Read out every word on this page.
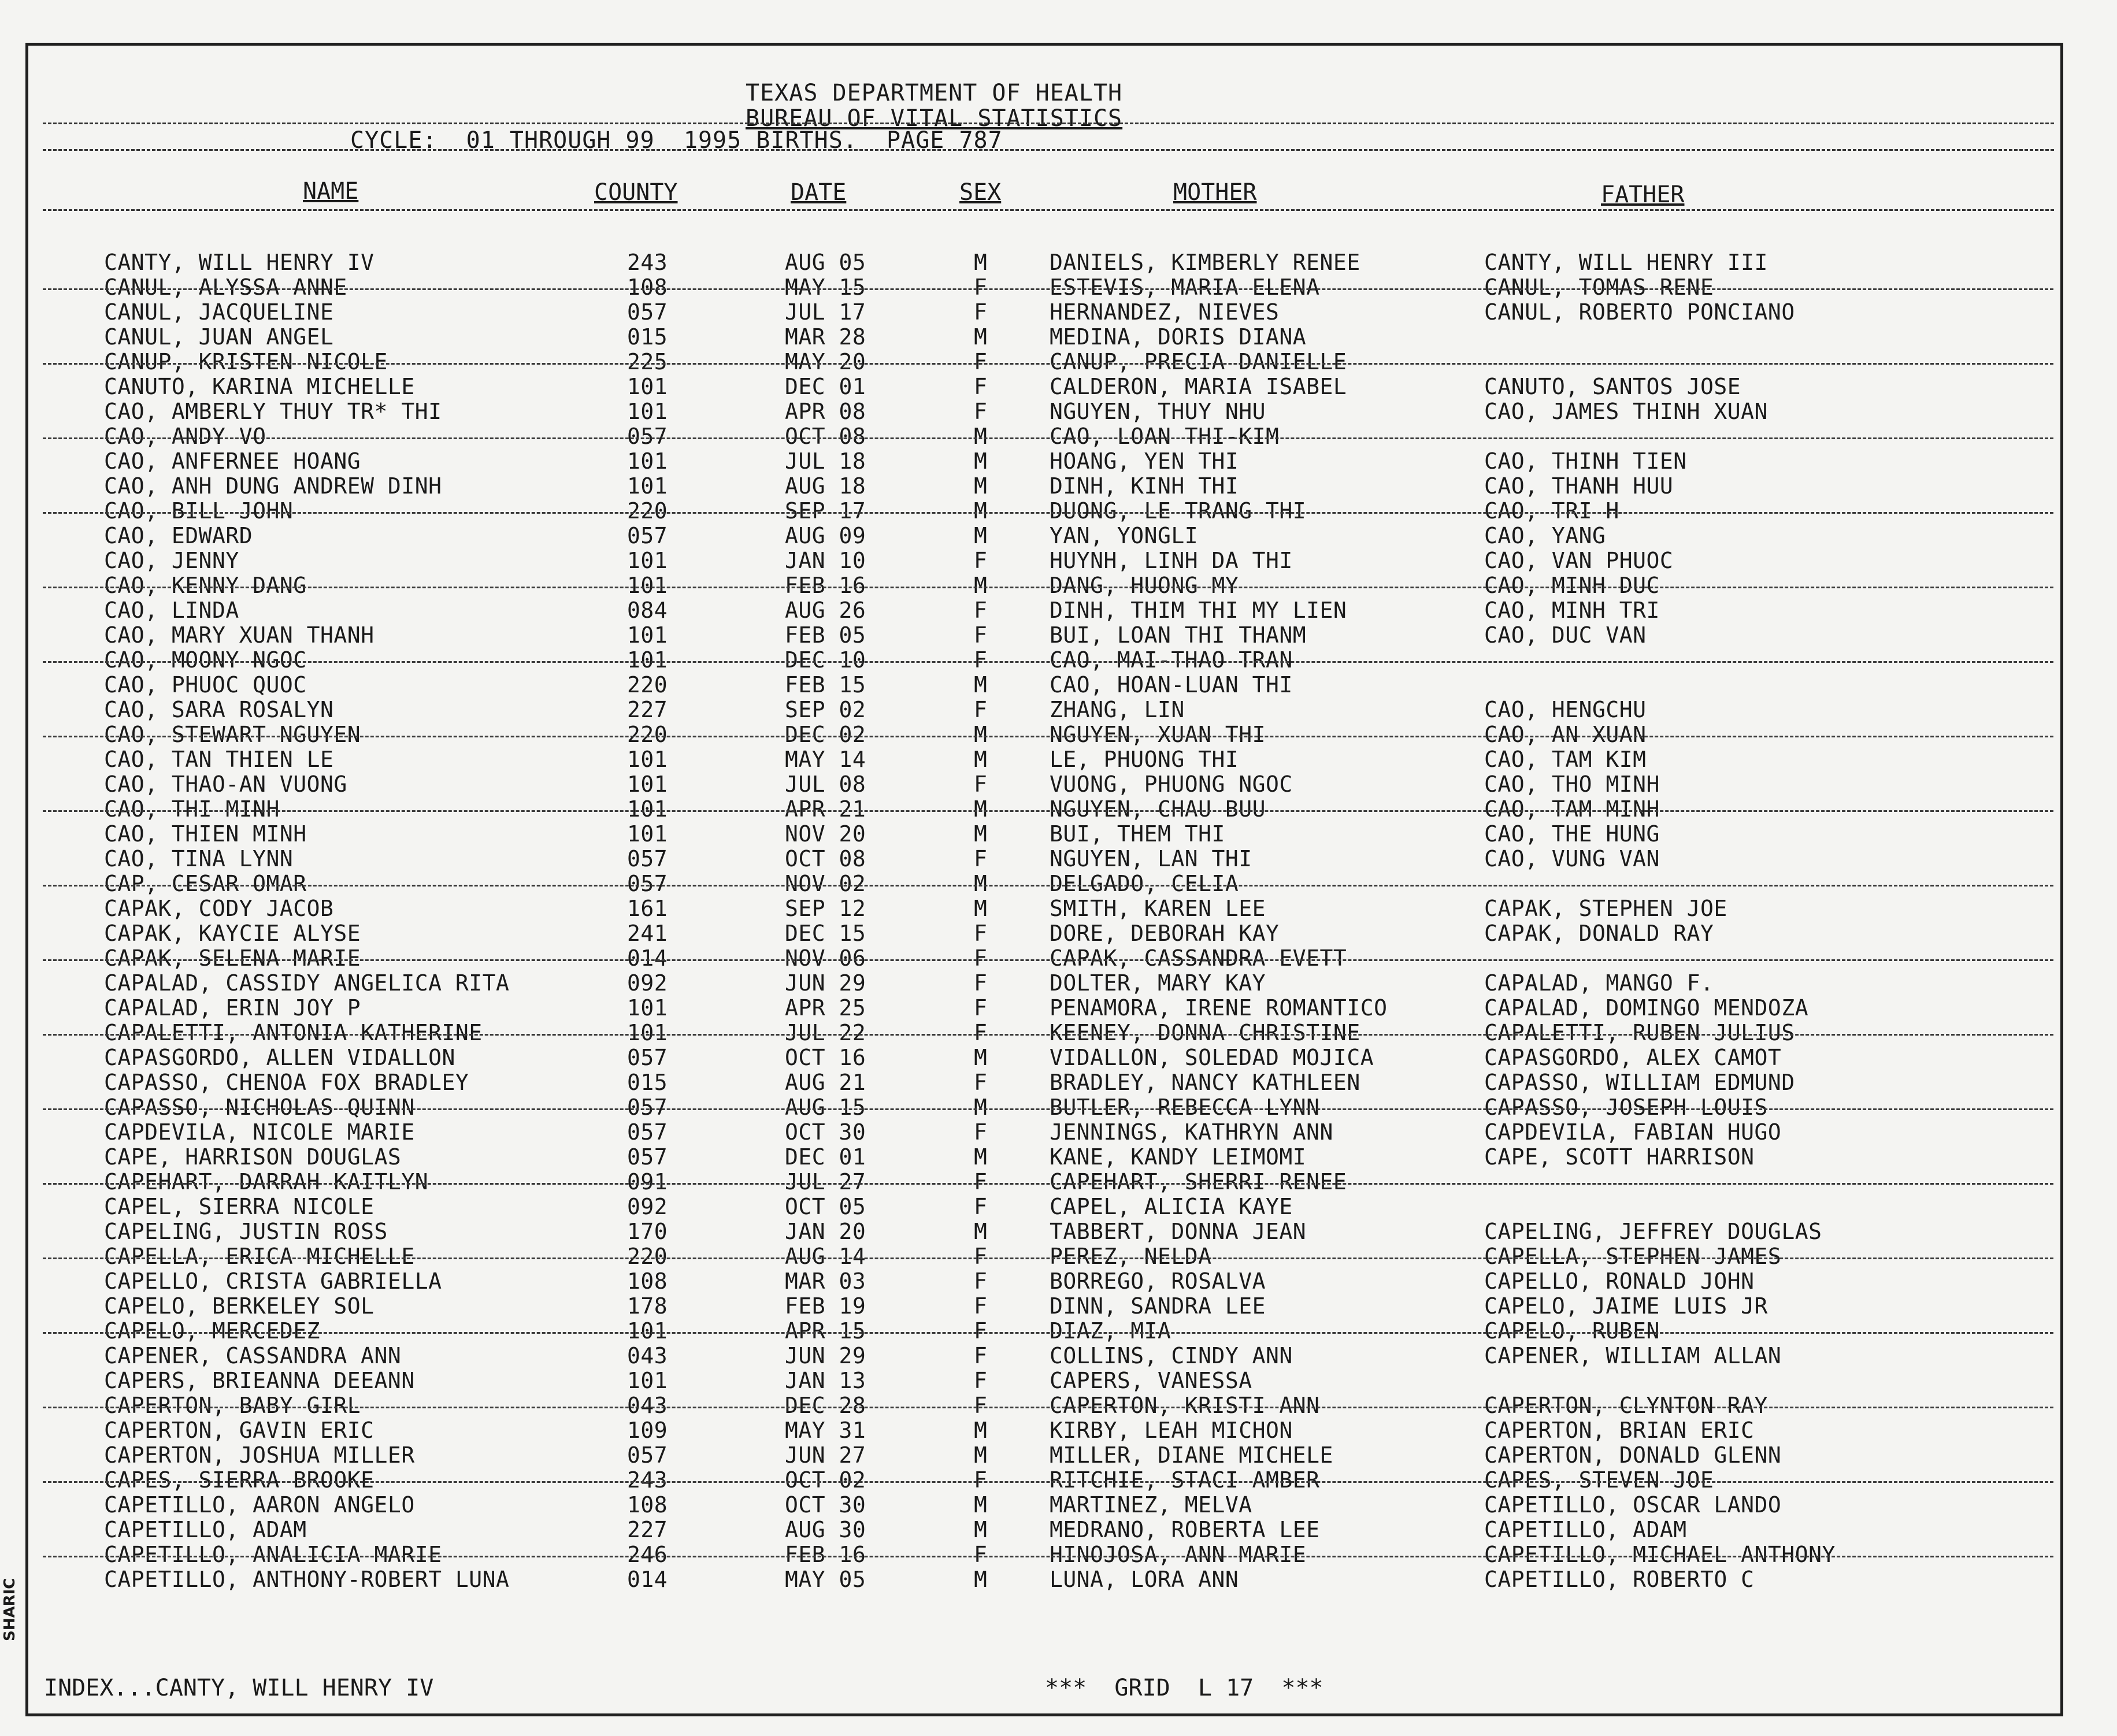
TEXAS DEPARTMENT OF HEALTH
BUREAU OF VITAL STATISTICS
CYCLE:  01 THROUGH 99  1995 BIRTHS.  PAGE 787
NAME	COUNTY	DATE	SEX	MOTHER	FATHER
CANTY, WILL HENRY IV	243	AUG 05	M	DANIELS, KIMBERLY RENEE	CANTY, WILL HENRY III
CANUL, ALYSSA ANNE	108	MAY 15	F	ESTEVIS, MARIA ELENA	CANUL, TOMAS RENE
CANUL, JACQUELINE	057	JUL 17	F	HERNANDEZ, NIEVES	CANUL, ROBERTO PONCIANO
CANUL, JUAN ANGEL	015	MAR 28	M	MEDINA, DORIS DIANA
CANUP, KRISTEN NICOLE	225	MAY 20	F	CANUP, PRECIA DANIELLE
CANUTO, KARINA MICHELLE	101	DEC 01	F	CALDERON, MARIA ISABEL	CANUTO, SANTOS JOSE
CAO, AMBERLY THUY TR* THI	101	APR 08	F	NGUYEN, THUY NHU	CAO, JAMES THINH XUAN
CAO, ANDY VO	057	OCT 08	M	CAO, LOAN THI-KIM
CAO, ANFERNEE HOANG	101	JUL 18	M	HOANG, YEN THI	CAO, THINH TIEN
CAO, ANH DUNG ANDREW DINH	101	AUG 18	M	DINH, KINH THI	CAO, THANH HUU
CAO, BILL JOHN	220	SEP 17	M	DUONG, LE TRANG THI	CAO, TRI H
CAO, EDWARD	057	AUG 09	M	YAN, YONGLI	CAO, YANG
CAO, JENNY	101	JAN 10	F	HUYNH, LINH DA THI	CAO, VAN PHUOC
CAO, KENNY DANG	101	FEB 16	M	DANG, HUONG MY	CAO, MINH DUC
CAO, LINDA	084	AUG 26	F	DINH, THIM THI MY LIEN	CAO, MINH TRI
CAO, MARY XUAN THANH	101	FEB 05	F	BUI, LOAN THI THANM	CAO, DUC VAN
CAO, MOONY NGOC	101	DEC 10	F	CAO, MAI-THAO TRAN
CAO, PHUOC QUOC	220	FEB 15	M	CAO, HOAN-LUAN THI
CAO, SARA ROSALYN	227	SEP 02	F	ZHANG, LIN	CAO, HENGCHU
CAO, STEWART NGUYEN	220	DEC 02	M	NGUYEN, XUAN THI	CAO, AN XUAN
CAO, TAN THIEN LE	101	MAY 14	M	LE, PHUONG THI	CAO, TAM KIM
CAO, THAO-AN VUONG	101	JUL 08	F	VUONG, PHUONG NGOC	CAO, THO MINH
CAO, THI MINH	101	APR 21	M	NGUYEN, CHAU BUU	CAO, TAM MINH
CAO, THIEN MINH	101	NOV 20	M	BUI, THEM THI	CAO, THE HUNG
CAO, TINA LYNN	057	OCT 08	F	NGUYEN, LAN THI	CAO, VUNG VAN
CAP, CESAR OMAR	057	NOV 02	M	DELGADO, CELIA
CAPAK, CODY JACOB	161	SEP 12	M	SMITH, KAREN LEE	CAPAK, STEPHEN JOE
CAPAK, KAYCIE ALYSE	241	DEC 15	F	DORE, DEBORAH KAY	CAPAK, DONALD RAY
CAPAK, SELENA MARIE	014	NOV 06	F	CAPAK, CASSANDRA EVETT
CAPALAD, CASSIDY ANGELICA RITA	092	JUN 29	F	DOLTER, MARY KAY	CAPALAD, MANGO F.
CAPALAD, ERIN JOY P	101	APR 25	F	PENAMORA, IRENE ROMANTICO	CAPALAD, DOMINGO MENDOZA
CAPALETTI, ANTONIA KATHERINE	101	JUL 22	F	KEENEY, DONNA CHRISTINE	CAPALETTI, RUBEN JULIUS
CAPASGORDO, ALLEN VIDALLON	057	OCT 16	M	VIDALLON, SOLEDAD MOJICA	CAPASGORDO, ALEX CAMOT
CAPASSO, CHENOA FOX BRADLEY	015	AUG 21	F	BRADLEY, NANCY KATHLEEN	CAPASSO, WILLIAM EDMUND
CAPASSO, NICHOLAS QUINN	057	AUG 15	M	BUTLER, REBECCA LYNN	CAPASSO, JOSEPH LOUIS
CAPDEVILA, NICOLE MARIE	057	OCT 30	F	JENNINGS, KATHRYN ANN	CAPDEVILA, FABIAN HUGO
CAPE, HARRISON DOUGLAS	057	DEC 01	M	KANE, KANDY LEIMOMI	CAPE, SCOTT HARRISON
CAPEHART, DARRAH KAITLYN	091	JUL 27	F	CAPEHART, SHERRI RENEE
CAPEL, SIERRA NICOLE	092	OCT 05	F	CAPEL, ALICIA KAYE
CAPELING, JUSTIN ROSS	170	JAN 20	M	TABBERT, DONNA JEAN	CAPELING, JEFFREY DOUGLAS
CAPELLA, ERICA MICHELLE	220	AUG 14	F	PEREZ, NELDA	CAPELLA, STEPHEN JAMES
CAPELLO, CRISTA GABRIELLA	108	MAR 03	F	BORREGO, ROSALVA	CAPELLO, RONALD JOHN
CAPELO, BERKELEY SOL	178	FEB 19	F	DINN, SANDRA LEE	CAPELO, JAIME LUIS JR
CAPELO, MERCEDEZ	101	APR 15	F	DIAZ, MIA	CAPELO, RUBEN
CAPENER, CASSANDRA ANN	043	JUN 29	F	COLLINS, CINDY ANN	CAPENER, WILLIAM ALLAN
CAPERS, BRIEANNA DEEANN	101	JAN 13	F	CAPERS, VANESSA
CAPERTON, BABY GIRL	043	DEC 28	F	CAPERTON, KRISTI ANN	CAPERTON, CLYNTON RAY
CAPERTON, GAVIN ERIC	109	MAY 31	M	KIRBY, LEAH MICHON	CAPERTON, BRIAN ERIC
CAPERTON, JOSHUA MILLER	057	JUN 27	M	MILLER, DIANE MICHELE	CAPERTON, DONALD GLENN
CAPES, SIERRA BROOKE	243	OCT 02	F	RITCHIE, STACI AMBER	CAPES, STEVEN JOE
CAPETILLO, AARON ANGELO	108	OCT 30	M	MARTINEZ, MELVA	CAPETILLO, OSCAR LANDO
CAPETILLO, ADAM	227	AUG 30	M	MEDRANO, ROBERTA LEE	CAPETILLO, ADAM
CAPETILLO, ANALICIA MARIE	246	FEB 16	F	HINOJOSA, ANN MARIE	CAPETILLO, MICHAEL ANTHONY
CAPETILLO, ANTHONY-ROBERT LUNA	014	MAY 05	M	LUNA, LORA ANN	CAPETILLO, ROBERTO C
INDEX...CANTY, WILL HENRY IV	***  GRID  L 17  ***
SHARIC
